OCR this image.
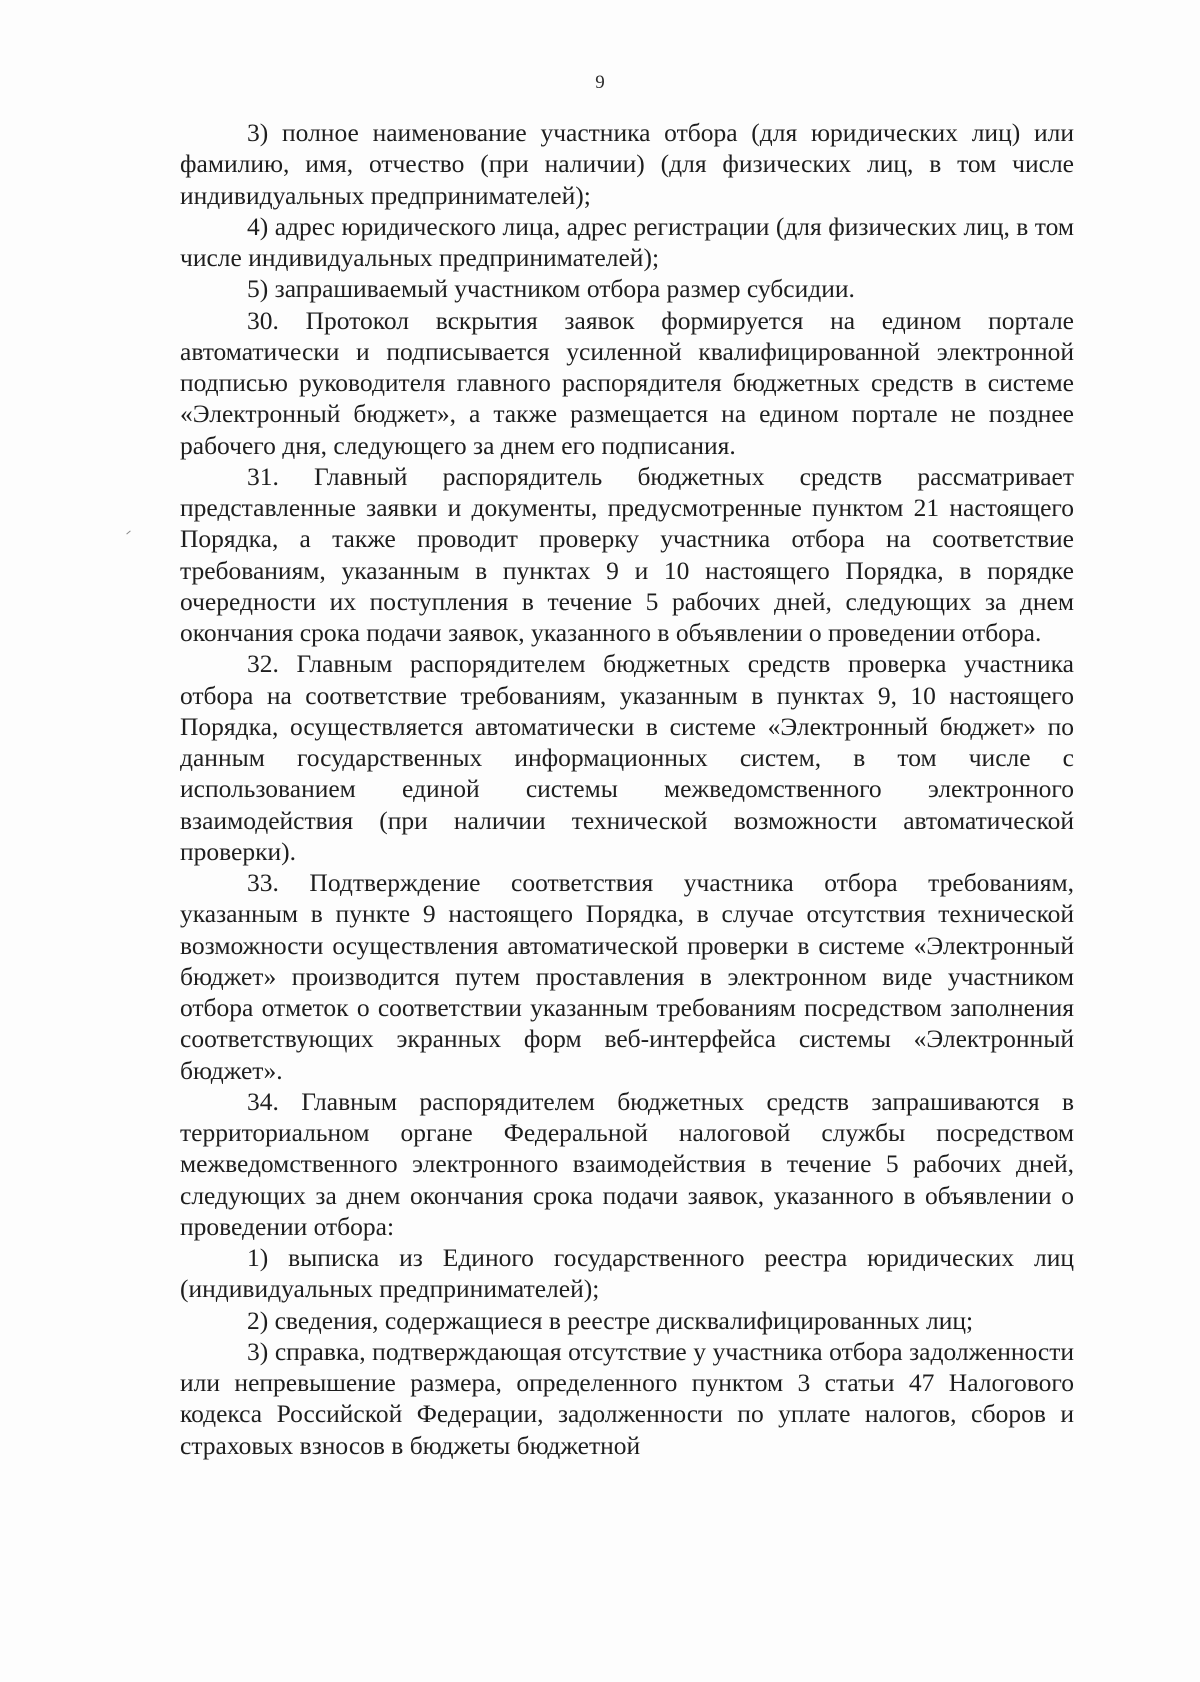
9

3) полное наименование участника отбора (для юридических лиц) или фамилию, имя, отчество (при наличии) (для физических лиц, в том числе индивидуальных предпринимателей);

4) адрес юридического лица, адрес регистрации (для физических лиц, в том числе индивидуальных предпринимателей);

5) запрашиваемый участником отбора размер субсидии.

30. Протокол вскрытия заявок формируется на едином портале автоматически и подписывается усиленной квалифицированной электронной подписью руководителя главного распорядителя бюджетных средств в системе «Электронный бюджет», а также размещается на едином портале не позднее рабочего дня, следующего за днем его подписания.

31. Главный распорядитель бюджетных средств рассматривает представленные заявки и документы, предусмотренные пунктом 21 настоящего Порядка, а также проводит проверку участника отбора на соответствие требованиям, указанным в пунктах 9 и 10 настоящего Порядка, в порядке очередности их поступления в течение 5 рабочих дней, следующих за днем окончания срока подачи заявок, указанного в объявлении о проведении отбора.

32. Главным распорядителем бюджетных средств проверка участника отбора на соответствие требованиям, указанным в пунктах 9, 10 настоящего Порядка, осуществляется автоматически в системе «Электронный бюджет» по данным государственных информационных систем, в том числе с использованием единой системы межведомственного электронного взаимодействия (при наличии технической возможности автоматической проверки).

33. Подтверждение соответствия участника отбора требованиям, указанным в пункте 9 настоящего Порядка, в случае отсутствия технической возможности осуществления автоматической проверки в системе «Электронный бюджет» производится путем проставления в электронном виде участником отбора отметок о соответствии указанным требованиям посредством заполнения соответствующих экранных форм веб-интерфейса системы «Электронный бюджет».

34. Главным распорядителем бюджетных средств запрашиваются в территориальном органе Федеральной налоговой службы посредством межведомственного электронного взаимодействия в течение 5 рабочих дней, следующих за днем окончания срока подачи заявок, указанного в объявлении о проведении отбора:

1) выписка из Единого государственного реестра юридических лиц (индивидуальных предпринимателей);

2) сведения, содержащиеся в реестре дисквалифицированных лиц;

3) справка, подтверждающая отсутствие у участника отбора задолженности или непревышение размера, определенного пунктом 3 статьи 47 Налогового кодекса Российской Федерации, задолженности по уплате налогов, сборов и страховых взносов в бюджеты бюджетной
